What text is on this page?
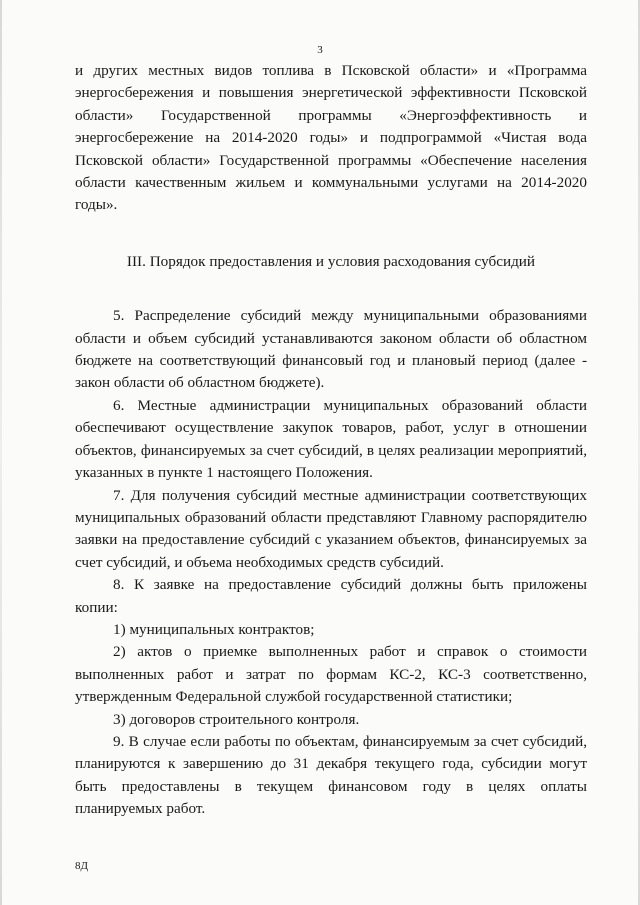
3

и других местных видов топлива в Псковской области» и «Программа энергосбережения и повышения энергетической эффективности Псковской области» Государственной программы «Энергоэффективность и энергосбережение на 2014-2020 годы» и подпрограммой «Чистая вода Псковской области» Государственной программы «Обеспечение населения области качественным жильем и коммунальными услугами на 2014-2020 годы».

III. Порядок предоставления и условия расходования субсидий

5. Распределение субсидий между муниципальными образованиями области и объем субсидий устанавливаются законом области об областном бюджете на соответствующий финансовый год и плановый период (далее - закон области об областном бюджете).

6. Местные администрации муниципальных образований области обеспечивают осуществление закупок товаров, работ, услуг в отношении объектов, финансируемых за счет субсидий, в целях реализации мероприятий, указанных в пункте 1 настоящего Положения.

7. Для получения субсидий местные администрации соответствующих муниципальных образований области представляют Главному распорядителю заявки на предоставление субсидий с указанием объектов, финансируемых за счет субсидий, и объема необходимых средств субсидий.

8. К заявке на предоставление субсидий должны быть приложены копии:

1) муниципальных контрактов;

2) актов о приемке выполненных работ и справок о стоимости выполненных работ и затрат по формам КС-2, КС-3 соответственно, утвержденным Федеральной службой государственной статистики;

3) договоров строительного контроля.

9. В случае если работы по объектам, финансируемым за счет субсидий, планируются к завершению до 31 декабря текущего года, субсидии могут быть предоставлены в текущем финансовом году в целях оплаты планируемых работ.

8Д
